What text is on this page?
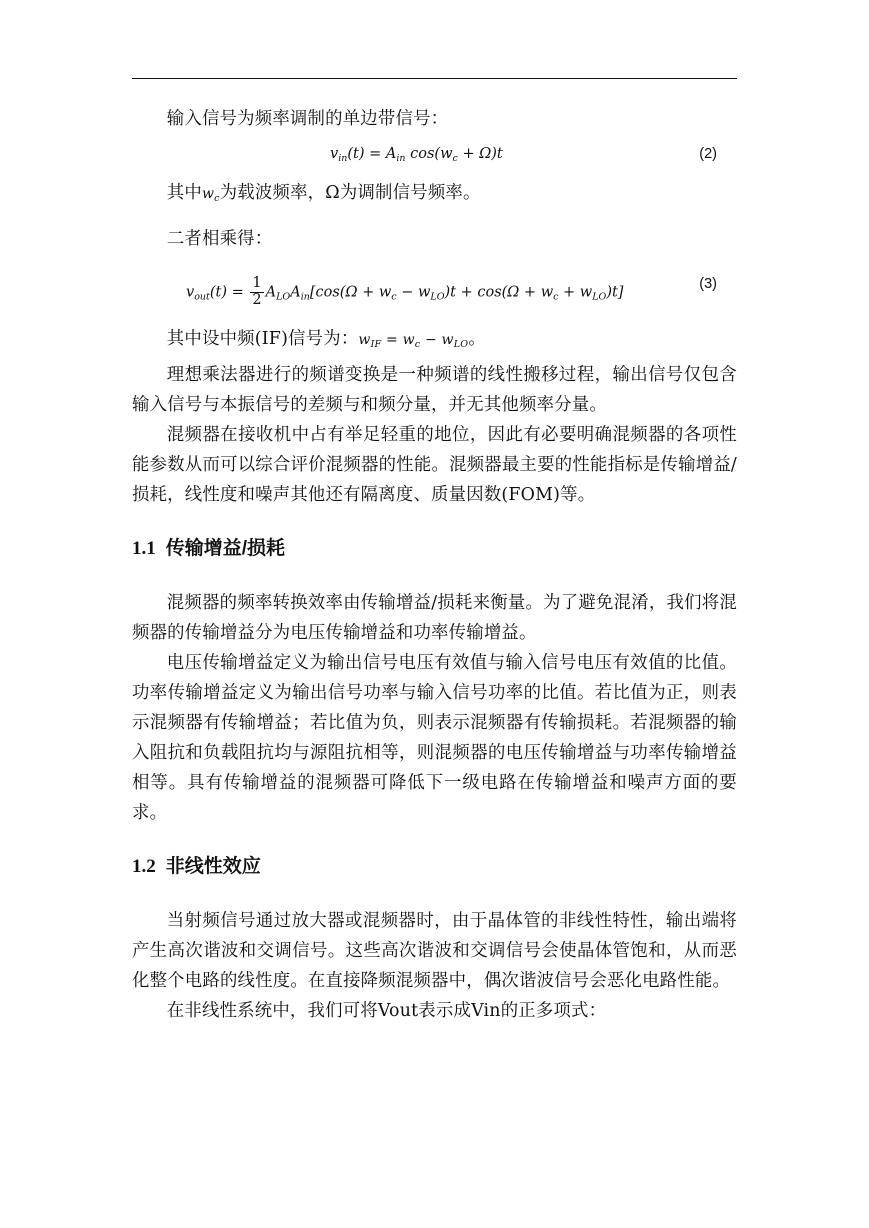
输入信号为频率调制的单边带信号：

$v_{in}(t) = A_{in}$ $\cos(w_c + \Omega)t$	(2)

其中$w_c$为载波频率，Ω为调制信号频率。

二者相乘得：

$v_{out}(t) = \frac{1}{2} A_{LO}A_{in}[\cos(\Omega + w_c - w_{LO})t + \cos(\Omega + w_c + w_{LO})t]$
(3)

其中设中频(IF)信号为：$w_{IF} = w_c - w_{LO}$。

理想乘法器进行的频谱变换是一种频谱的线性搬移过程，输出信号仅包含输入信号与本振信号的差频与和频分量，并无其他频率分量。

混频器在接收机中占有举足轻重的地位，因此有必要明确混频器的各项性能参数从而可以综合评价混频器的性能。混频器最主要的性能指标是传输增益/损耗，线性度和噪声其他还有隔离度、质量因数(FOM)等。

1.1 传输增益/损耗

混频器的频率转换效率由传输增益/损耗来衡量。为了避免混淆，我们将混频器的传输增益分为电压传输增益和功率传输增益。

电压传输增益定义为输出信号电压有效值与输入信号电压有效值的比值。功率传输增益定义为输出信号功率与输入信号功率的比值。若比值为正，则表示混频器有传输增益；若比值为负，则表示混频器有传输损耗。若混频器的输入阻抗和负载阻抗均与源阻抗相等，则混频器的电压传输增益与功率传输增益相等。具有传输增益的混频器可降低下一级电路在传输增益和噪声方面的要求。

1.2 非线性效应

当射频信号通过放大器或混频器时，由于晶体管的非线性特性，输出端将产生高次谐波和交调信号。这些高次谐波和交调信号会使晶体管饱和，从而恶化整个电路的线性度。在直接降频混频器中，偶次谐波信号会恶化电路性能。

在非线性系统中，我们可将Vout表示成Vin的正多项式：
